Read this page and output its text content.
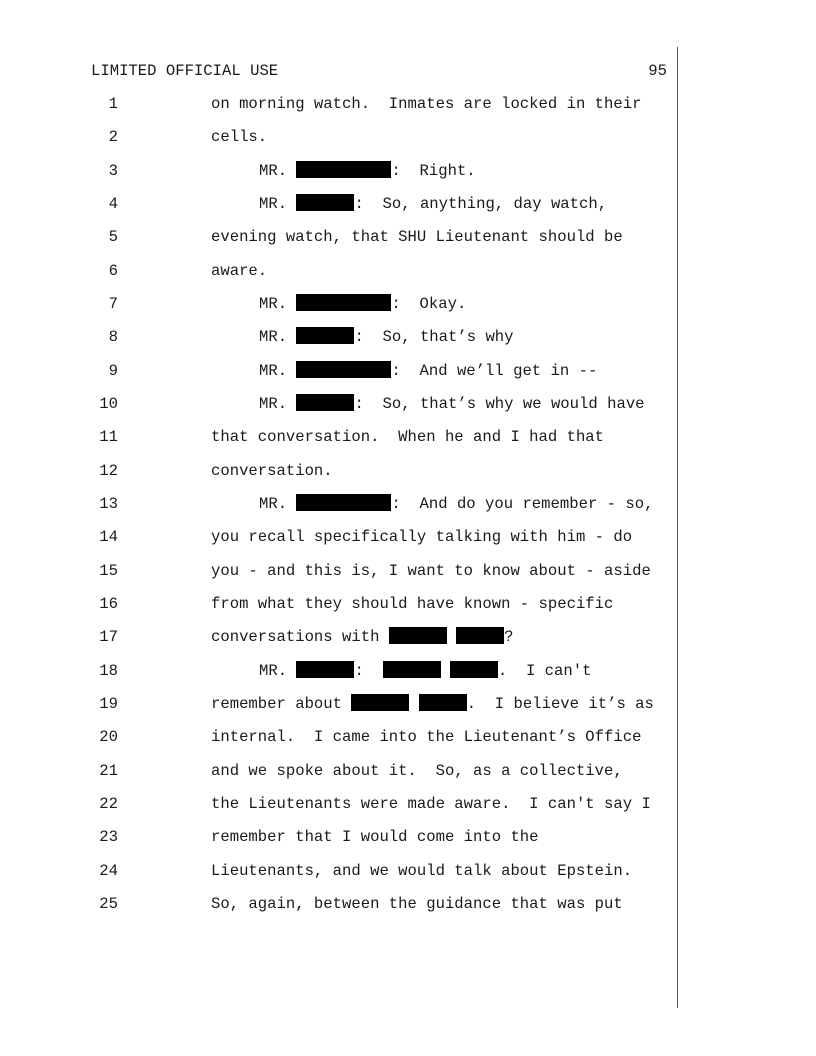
LIMITED OFFICIAL USE	95
1	on morning watch.  Inmates are locked in their
2	cells.
3	MR.	:  Right.
4	MR.	:  So, anything, day watch,
5	evening watch, that SHU Lieutenant should be
6	aware.
7	MR.	:  Okay.
8	MR.	:  So, that’s why
9	MR.	:  And we’ll get in --
10	MR.	:  So, that’s why we would have
11	that conversation.  When he and I had that
12	conversation.
13	MR.	:  And do you remember - so,
14	you recall specifically talking with him - do
15	you - and this is, I want to know about - aside
16	from what they should have known - specific
17	conversations with	?
18	MR.	:	.  I can't
19	remember about	.  I believe it’s as
20	internal.  I came into the Lieutenant’s Office
21	and we spoke about it.  So, as a collective,
22	the Lieutenants were made aware.  I can't say I
23	remember that I would come into the
24	Lieutenants, and we would talk about Epstein.
25	So, again, between the guidance that was put
